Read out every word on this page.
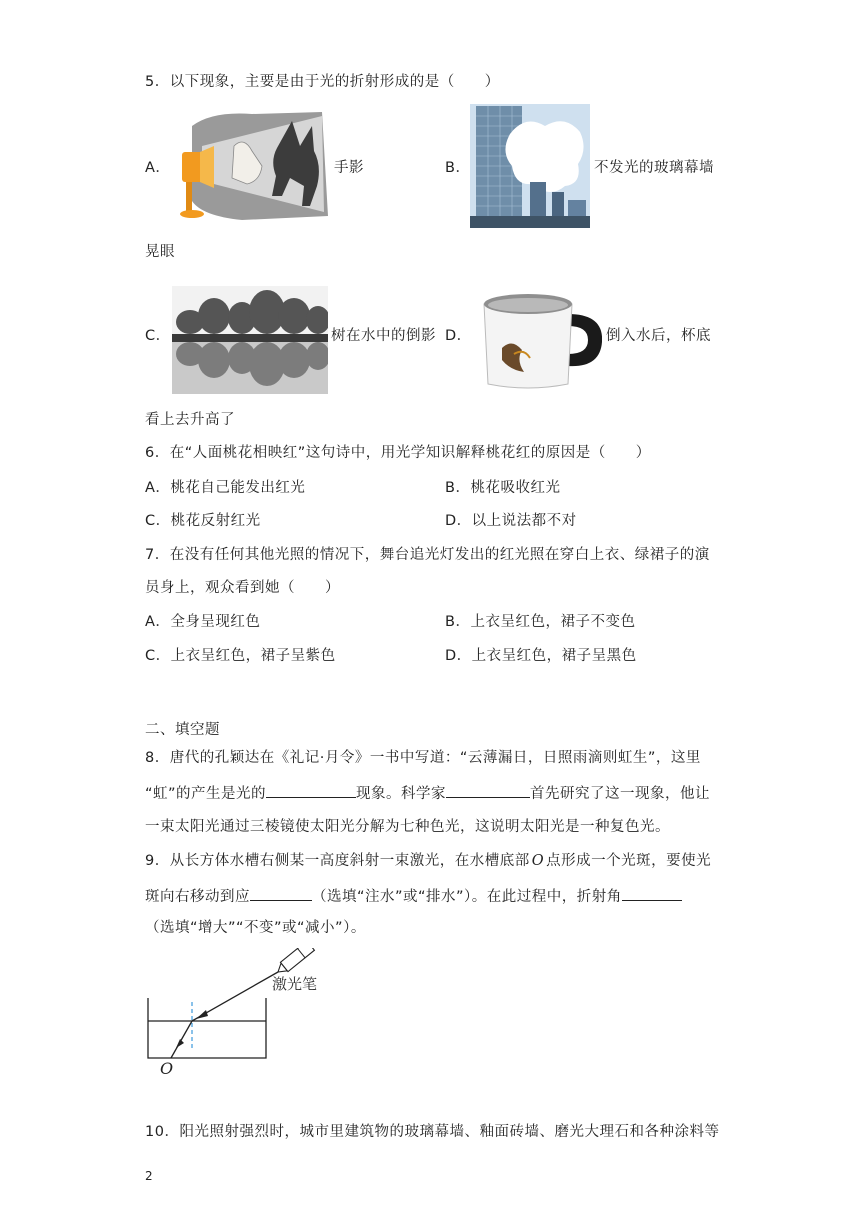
5．以下现象，主要是由于光的折射形成的是（　　）
A．	手影	B．	不发光的玻璃幕墙
晃眼
C．	树在水中的倒影 D．	倒入水后，杯底
看上去升高了
6．在“人面桃花相映红”这句诗中，用光学知识解释桃花红的原因是（　　）
A．桃花自己能发出红光	B．桃花吸收红光
C．桃花反射红光	D．以上说法都不对
7．在没有任何其他光照的情况下，舞台追光灯发出的红光照在穿白上衣、绿裙子的演
员身上，观众看到她（　　）
A．全身呈现红色	B．上衣呈红色，裙子不变色
C．上衣呈红色，裙子呈紫色	D．上衣呈红色，裙子呈黑色
二、填空题
8．唐代的孔颖达在《礼记·月令》一书中写道：“云薄漏日，日照雨滴则虹生”，这里
“虹”的产生是光的	现象。科学家	首先研究了这一现象，他让
一束太阳光通过三棱镜使太阳光分解为七种色光，这说明太阳光是一种复色光。
9．从长方体水槽右侧某一高度斜射一束激光，在水槽底部 O 点形成一个光斑，要使光
斑向右移动到应	（选填“注水”或“排水”）。在此过程中，折射角
（选填“增大”“不变”或“减小”）。
激光笔
O
10．阳光照射强烈时，城市里建筑物的玻璃幕墙、釉面砖墙、磨光大理石和各种涂料等
2
